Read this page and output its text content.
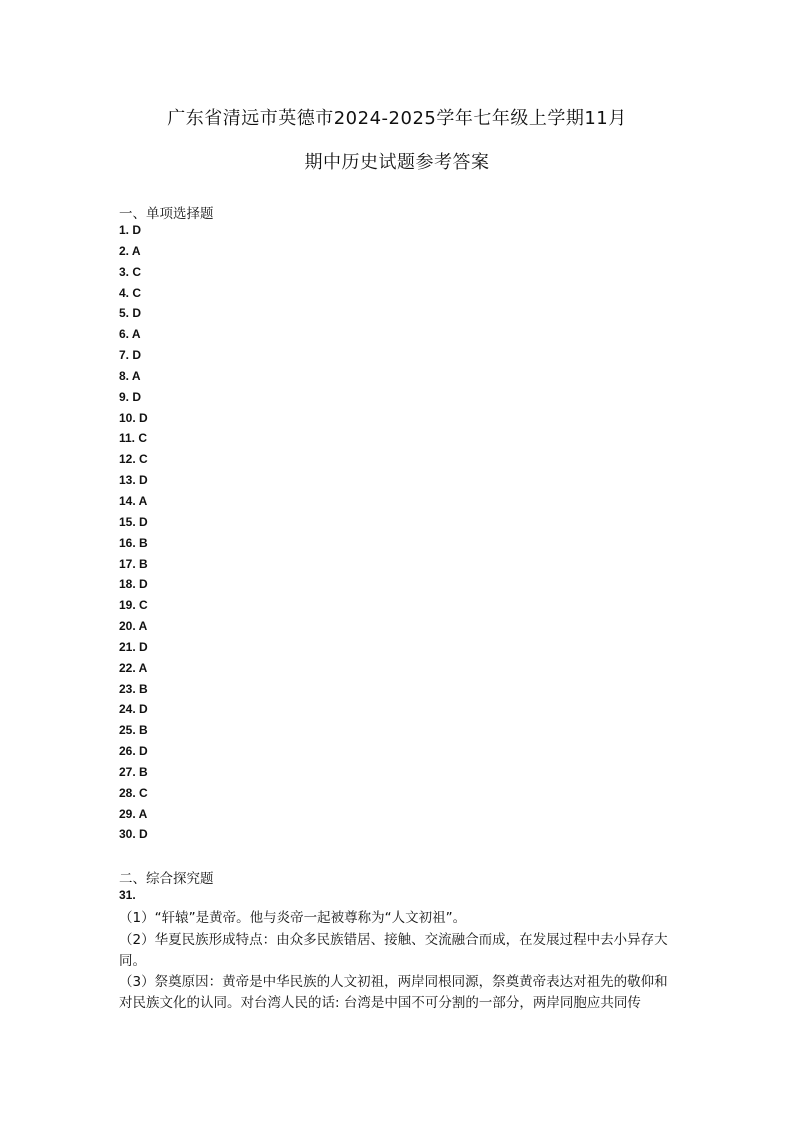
广东省清远市英德市2024-2025学年七年级上学期11月
期中历史试题参考答案
一、单项选择题
1. D
2. A
3. C
4. C
5. D
6. A
7. D
8. A
9. D
10. D
11. C
12. C
13. D
14. A
15. D
16. B
17. B
18. D
19. C
20. A
21. D
22. A
23. B
24. D
25. B
26. D
27. B
28. C
29. A
30. D
二、综合探究题
31.
（1）“轩辕”是黄帝。他与炎帝一起被尊称为“人文初祖”。
（2）华夏民族形成特点：由众多民族错居、接触、交流融合而成，在发展过程中去小异存大同。
（3）祭奠原因：黄帝是中华民族的人文初祖，两岸同根同源，祭奠黄帝表达对祖先的敬仰和对民族文化的认同。对台湾人民的话: 台湾是中国不可分割的一部分，两岸同胞应共同传
